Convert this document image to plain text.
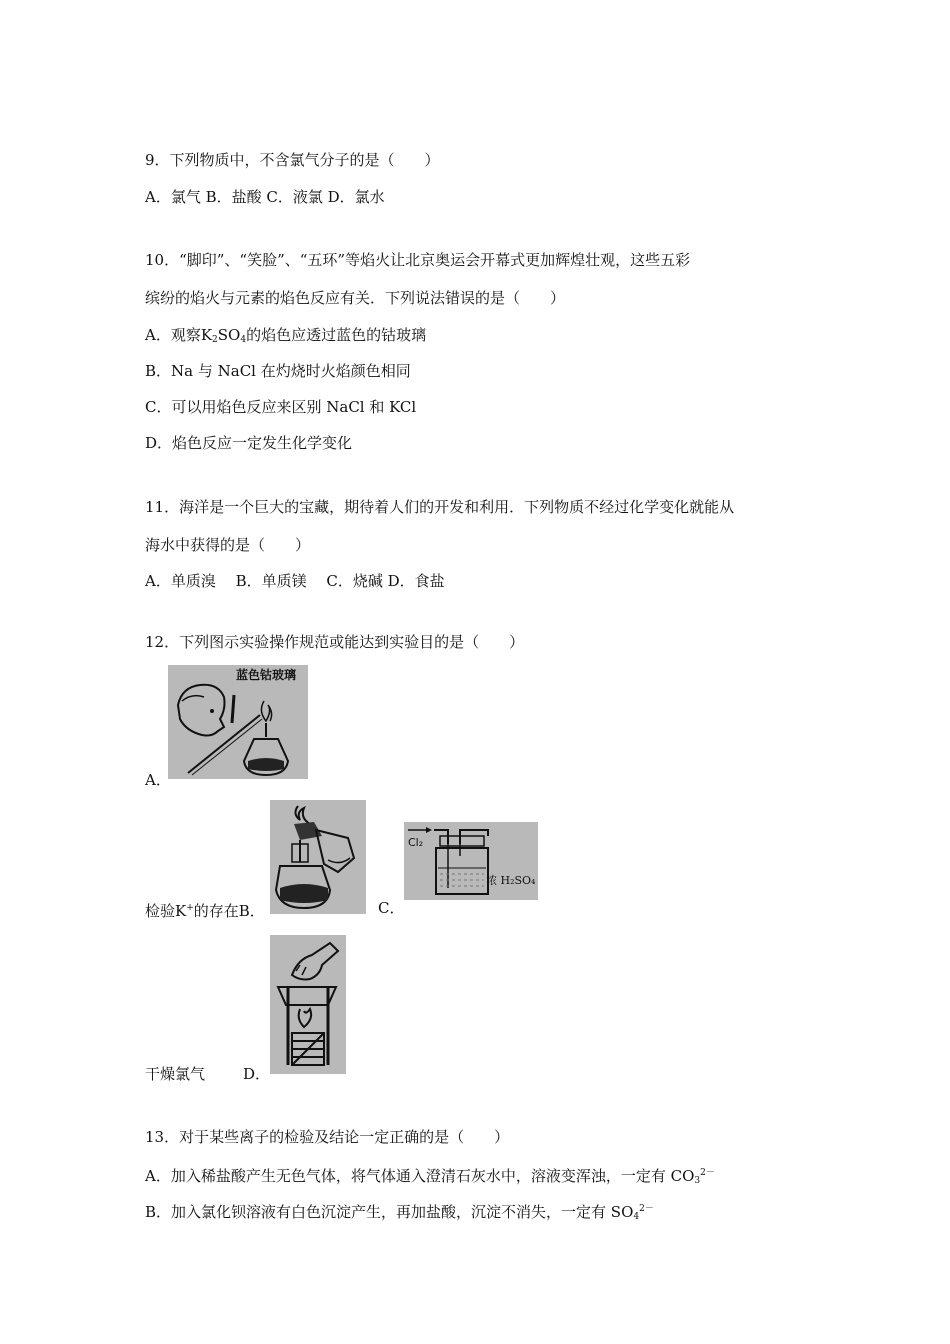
9．下列物质中，不含氯气分子的是（　　）
A．氯气 B．盐酸 C．液氯 D．氯水
10．“脚印”、“笑脸”、“五环”等焰火让北京奥运会开幕式更加辉煌壮观，这些五彩
缤纷的焰火与元素的焰色反应有关．下列说法错误的是（　　）
A．观察$K_2SO_4$的焰色应透过蓝色的钴玻璃
B．Na 与 NaCl 在灼烧时火焰颜色相同
C．可以用焰色反应来区别 NaCl 和 KCl
D．焰色反应一定发生化学变化
11．海洋是一个巨大的宝藏，期待着人们的开发和利用．下列物质不经过化学变化就能从
海水中获得的是（　　）
A．单质溴　 B．单质镁　 C．烧碱 D．食盐
12．下列图示实验操作规范或能达到实验目的是（　　）
蓝色钴玻璃
A．
检验K+的存在B．
Cl₂
浓 H₂SO₄
C．
干燥氯气	D．
13．对于某些离子的检验及结论一定正确的是（　　）
A．加入稀盐酸产生无色气体，将气体通入澄清石灰水中，溶液变浑浊，一定有 $CO_3^{2-}$
B．加入氯化钡溶液有白色沉淀产生，再加盐酸，沉淀不消失，一定有 $SO_4^{2-}$
